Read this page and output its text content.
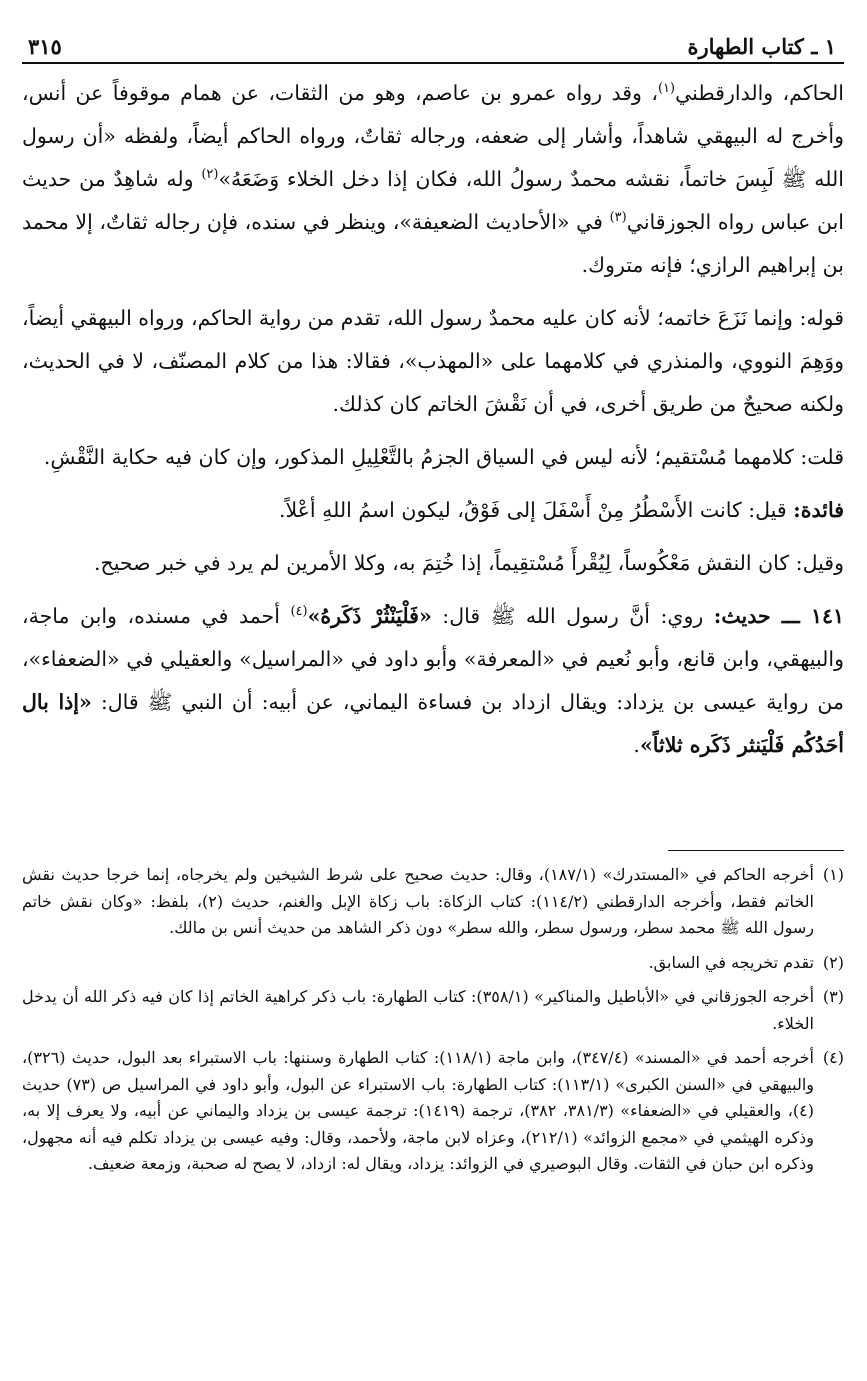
١ ـ كتاب الطهارة
٣١٥

الحاكم، والدارقطني$^{(١)}$، وقد رواه عمرو بن عاصم، وهو من الثقات، عن همام موقوفاً عن أنس، وأخرج له البيهقي شاهداً، وأشار إلى ضعفه، ورجاله ثقاتٌ، ورواه الحاكم أيضاً، ولفظه «أن رسول الله ﷺ لَبِسَ خاتماً، نقشه محمدٌ رسولُ الله، فكان إذا دخل الخلاء وَضَعَهُ»$^{(٢)}$ وله شاهِدٌ من حديث ابن عباس رواه الجوزقاني$^{(٣)}$ في «الأحاديث الضعيفة»، وينظر في سنده، فإن رجاله ثقاتٌ، إلا محمد بن إبراهيم الرازي؛ فإنه متروك.

قوله: وإنما نَزَعَ خاتمه؛ لأنه كان عليه محمدٌ رسول الله، تقدم من رواية الحاكم، ورواه البيهقي أيضاً، ووَهِمَ النووي، والمنذري في كلامهما على «المهذب»، فقالا: هذا من كلام المصنّف، لا في الحديث، ولكنه صحيحٌ من طريق أخرى، في أن نَقْشَ الخاتم كان كذلك.

قلت: كلامهما مُسْتقيم؛ لأنه ليس في السياق الجزمُ بالتَّعْلِيلِ المذكور، وإن كان فيه حكاية النَّقْشِ.

فائدة: قيل: كانت الأَسْطُرُ مِنْ أَسْفَلَ إلى فَوْقُ، ليكون اسمُ اللهِ أعْلاً.

وقيل: كان النقش مَعْكُوساً، لِيُقْرأَ مُسْتقِيماً، إذا خُتِمَ به، وكلا الأمرين لم يرد في خبر صحيح.

١٤١ ـــ حديث: روي: أنَّ رسول الله ﷺ قال: «فَلْيَنْثُرْ ذَكَرهُ»$^{(٤)}$ أحمد في مسنده، وابن ماجة، والبيهقي، وابن قانع، وأبو نُعيم في «المعرفة» وأبو داود في «المراسيل» والعقيلي في «الضعفاء»، من رواية عيسى بن يزداد: ويقال ازداد بن فساءة اليماني، عن أبيه: أن النبي ﷺ قال: «إذا بال أحَدُكُم فَلْيَنثر ذَكَره ثلاثاً».

(١)
أخرجه الحاكم في «المستدرك» (١٨٧/١)، وقال: حديث صحيح على شرط الشيخين ولم يخرجاه، إنما خرجا حديث نقش الخاتم فقط، وأخرجه الدارقطني (١١٤/٢): كتاب الزكاة: باب زكاة الإبل والغنم، حديث (٢)، بلفظ: «وكان نقش خاتم رسول الله ﷺ محمد سطر، ورسول سطر، والله سطر» دون ذكر الشاهد من حديث أنس بن مالك.
(٢)
تقدم تخريجه في السابق.
(٣)
أخرجه الجوزقاني في «الأباطيل والمناكير» (٣٥٨/١): كتاب الطهارة: باب ذكر كراهية الخاتم إذا كان فيه ذكر الله أن يدخل الخلاء.
(٤)
أخرجه أحمد في «المسند» (٣٤٧/٤)، وابن ماجة (١١٨/١): كتاب الطهارة وسننها: باب الاستبراء بعد البول، حديث (٣٢٦)، والبيهقي في «السنن الكبرى» (١١٣/١): كتاب الطهارة: باب الاستبراء عن البول، وأبو داود في المراسيل ص (٧٣) حديث (٤)، والعقيلي في «الضعفاء» (٣٨١/٣، ٣٨٢)، ترجمة (١٤١٩): ترجمة عيسى بن يزداد واليماني عن أبيه، ولا يعرف إلا به، وذكره الهيثمي في «مجمع الزوائد» (٢١٢/١)، وعزاه لابن ماجة، ولأحمد، وقال: وفيه عيسى بن يزداد تكلم فيه أنه مجهول، وذكره ابن حبان في الثقات. وقال البوصيري في الزوائد: يزداد، ويقال له: ازداد، لا يصح له صحبة، وزمعة ضعيف.
